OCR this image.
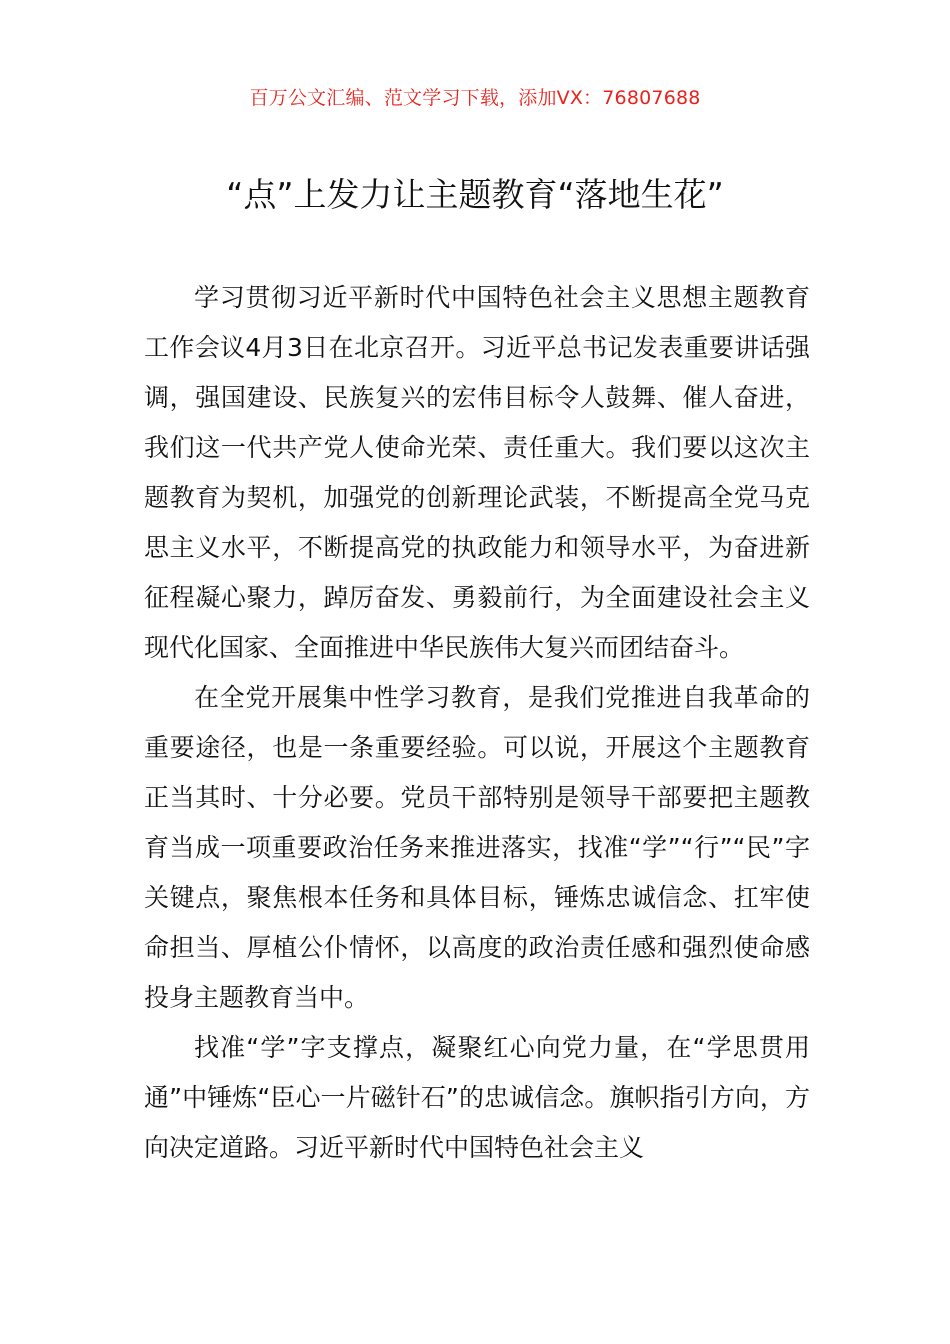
百万公文汇编、范文学习下载，添加VX：76807688
“点”上发力让主题教育“落地生花”

学习贯彻习近平新时代中国特色社会主义思想主题教育工作会议4月3日在北京召开。习近平总书记发表重要讲话强调，强国建设、民族复兴的宏伟目标令人鼓舞、催人奋进，我们这一代共产党人使命光荣、责任重大。我们要以这次主题教育为契机，加强党的创新理论武装，不断提高全党马克思主义水平，不断提高党的执政能力和领导水平，为奋进新征程凝心聚力，踔厉奋发、勇毅前行，为全面建设社会主义现代化国家、全面推进中华民族伟大复兴而团结奋斗。

在全党开展集中性学习教育，是我们党推进自我革命的重要途径，也是一条重要经验。可以说，开展这个主题教育正当其时、十分必要。党员干部特别是领导干部要把主题教育当成一项重要政治任务来推进落实，找准“学”“行”“民”字关键点，聚焦根本任务和具体目标，锤炼忠诚信念、扛牢使命担当、厚植公仆情怀，以高度的政治责任感和强烈使命感投身主题教育当中。

找准“学”字支撑点，凝聚红心向党力量，在“学思贯用通”中锤炼“臣心一片磁针石”的忠诚信念。旗帜指引方向，方向决定道路。习近平新时代中国特色社会主义
